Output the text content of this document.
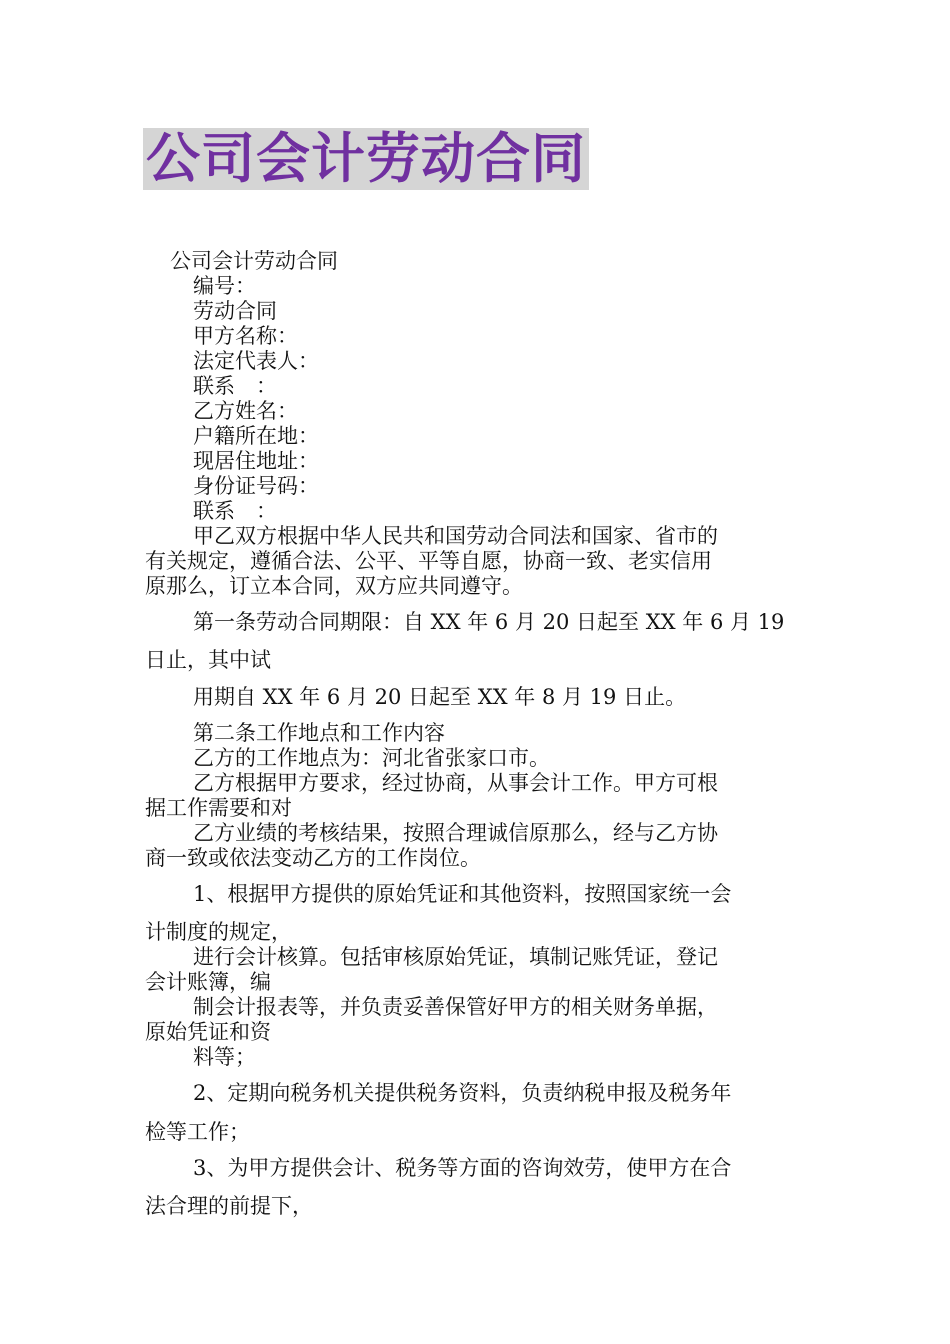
公司会计劳动合同
公司会计劳动合同
编号：
劳动合同
甲方名称：
法定代表人：
联系　：
乙方姓名：
户籍所在地：
现居住地址：
身份证号码：
联系　：
甲乙双方根据中华人民共和国劳动合同法和国家、省市的
有关规定，遵循合法、公平、平等自愿，协商一致、老实信用
原那么，订立本合同，双方应共同遵守。
第一条劳动合同期限：自 XX 年 6 月 20 日起至 XX 年 6 月 19
日止，其中试
用期自 XX 年 6 月 20 日起至 XX 年 8 月 19 日止。
第二条工作地点和工作内容
乙方的工作地点为：河北省张家口市。
乙方根据甲方要求，经过协商，从事会计工作。甲方可根
据工作需要和对
乙方业绩的考核结果，按照合理诚信原那么，经与乙方协
商一致或依法变动乙方的工作岗位。
1、根据甲方提供的原始凭证和其他资料，按照国家统一会
计制度的规定，
进行会计核算。包括审核原始凭证，填制记账凭证，登记
会计账簿，编
制会计报表等，并负责妥善保管好甲方的相关财务单据，
原始凭证和资
料等；
2、定期向税务机关提供税务资料，负责纳税申报及税务年
检等工作；
3、为甲方提供会计、税务等方面的咨询效劳，使甲方在合
法合理的前提下，
